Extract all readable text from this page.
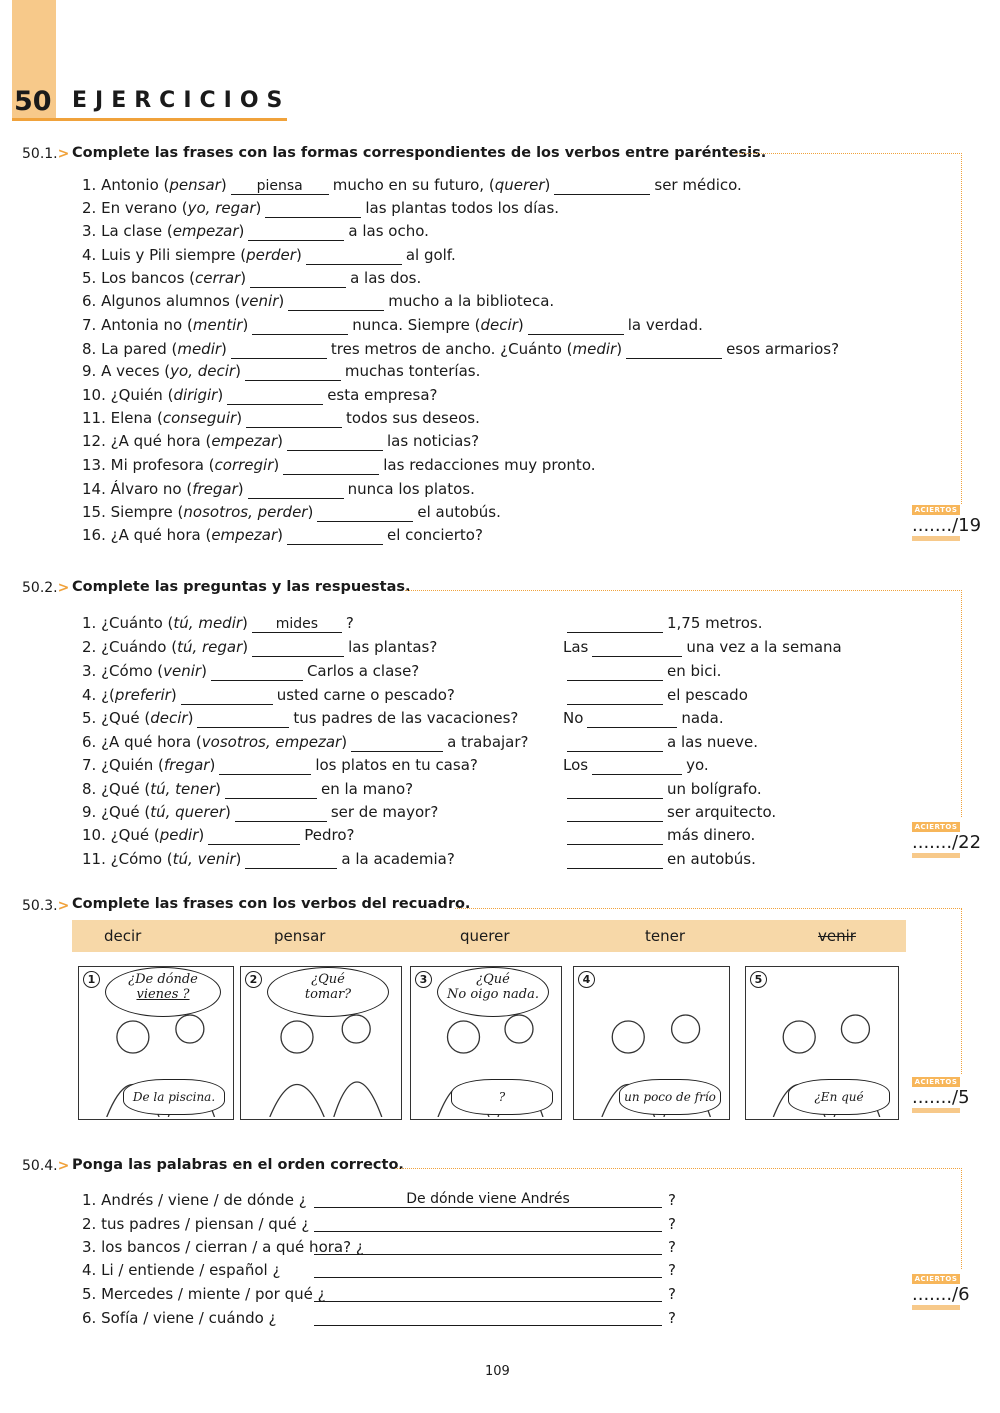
50 EJERCICIOS
50.1.> Complete las frases con las formas correspondientes de los verbos entre paréntesis.
1. Antonio (pensar) piensa mucho en su futuro, (querer)	ser médico.
2. En verano (yo, regar)	las plantas todos los días.
3. La clase (empezar)	a las ocho.
4. Luis y Pili siempre (perder)	al golf.
5. Los bancos (cerrar)	a las dos.
6. Algunos alumnos (venir)	mucho a la biblioteca.
7. Antonia no (mentir)	nunca. Siempre (decir)	la verdad.
8. La pared (medir)	tres metros de ancho. ¿Cuánto (medir)	esos armarios?
9. A veces (yo, decir)	muchas tonterías.
10. ¿Quién (dirigir)	esta empresa?
11. Elena (conseguir)	todos sus deseos.
12. ¿A qué hora (empezar)	las noticias?
13. Mi profesora (corregir)	las redacciones muy pronto.
14. Álvaro no (fregar)	nunca los platos.
15. Siempre (nosotros, perder)	el autobús.
16. ¿A qué hora (empezar)	el concierto?
ACIERTOS
......./19
50.2.> Complete las preguntas y las respuestas.
1. ¿Cuánto (tú, medir) mides ?	1,75 metros.
2. ¿Cuándo (tú, regar)	las plantas?	Las	una vez a la semana
3. ¿Cómo (venir)	Carlos a clase?	en bici.
4. ¿(preferir)	usted carne o pescado?	el pescado
5. ¿Qué (decir)	tus padres de las vacaciones?	No	nada.
6. ¿A qué hora (vosotros, empezar)	a trabajar?	a las nueve.
7. ¿Quién (fregar)	los platos en tu casa?	Los	yo.
8. ¿Qué (tú, tener)	en la mano?	un bolígrafo.
9. ¿Qué (tú, querer)	ser de mayor?	ser arquitecto.
10. ¿Qué (pedir)	Pedro?	más dinero.
11. ¿Cómo (tú, venir)	a la academia?	en autobús.
ACIERTOS
......./22
50.3.> Complete las frases con los verbos del recuadro.
decir	pensar	querer	tener	venir
1	¿De dónde
vienes ?
De la piscina.
2	¿Qué
tomar?
3	¿Qué
No oigo nada.
?
4
un poco de frío
5
¿En qué
ACIERTOS
......./5
50.4.> Ponga las palabras en el orden correcto.
1. Andrés / viene / de dónde ¿	De dónde viene Andrés	?
2. tus padres / piensan / qué ¿
	?
3. los bancos / cierran / a qué hora? ¿
	?
4. Li / entiende / español ¿
	?
5. Mercedes / miente / por qué ¿
	?
6. Sofía / viene / cuándo ¿
	?
ACIERTOS
......./6
109
